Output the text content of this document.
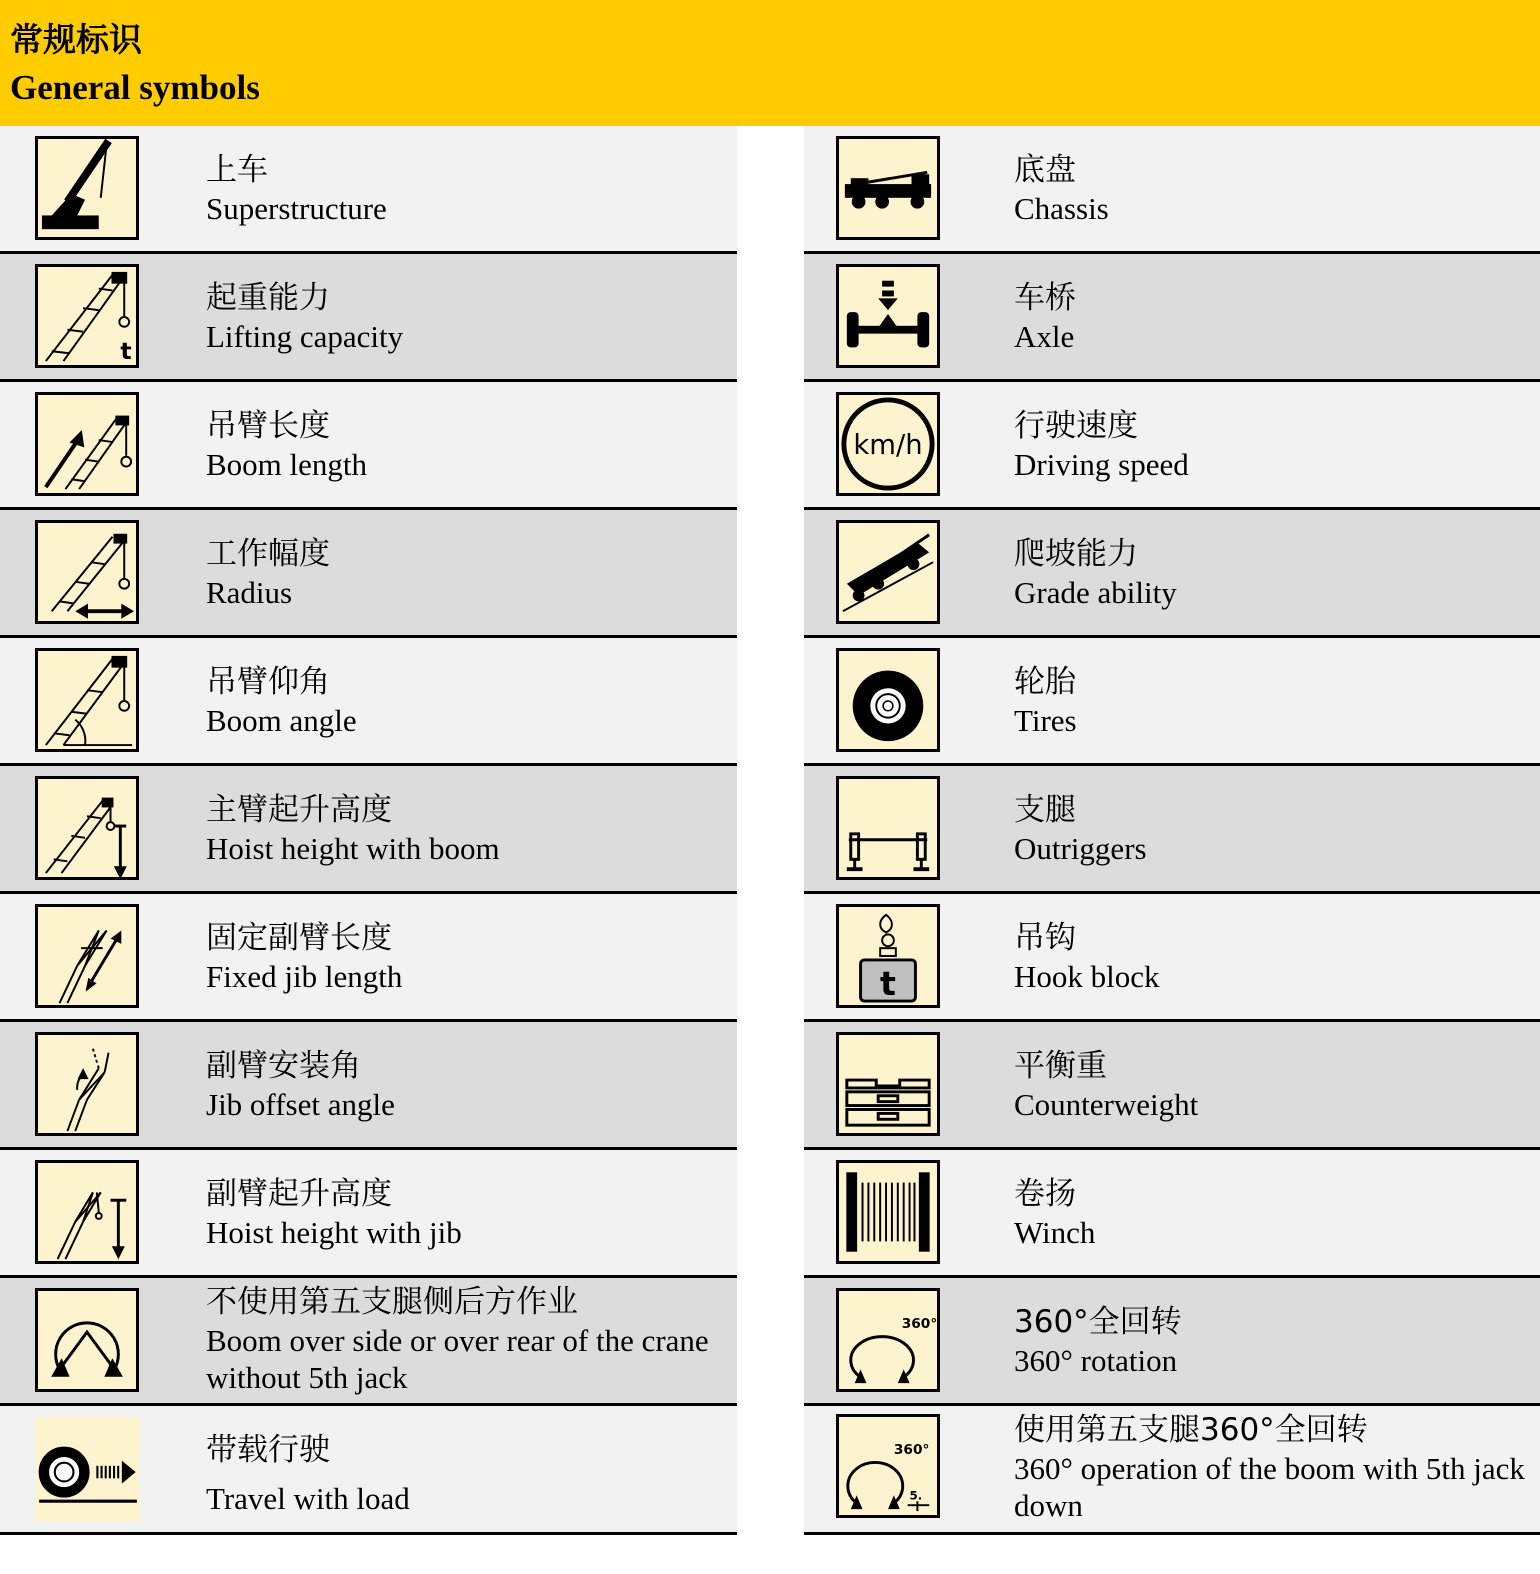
常规标识
General symbols
上车
Superstructure
t
起重能力
Lifting capacity
吊臂长度
Boom length
工作幅度
Radius
吊臂仰角
Boom angle
主臂起升高度
Hoist height with boom
固定副臂长度
Fixed jib length
副臂安装角
Jib offset angle
副臂起升高度
Hoist height with jib
不使用第五支腿侧后方作业
Boom over side or over rear of the crane without 5th jack
带载行驶
Travel with load
底盘
Chassis
车桥
Axle
km/h
行驶速度
Driving speed
爬坡能力
Grade ability
轮胎
Tires
支腿
Outriggers
t
吊钩
Hook block
平衡重
Counterweight
卷扬
Winch
360° 360°全回转
360° rotation
360°
5.
使用第五支腿360°全回转
360° operation of the boom with 5th jack down
